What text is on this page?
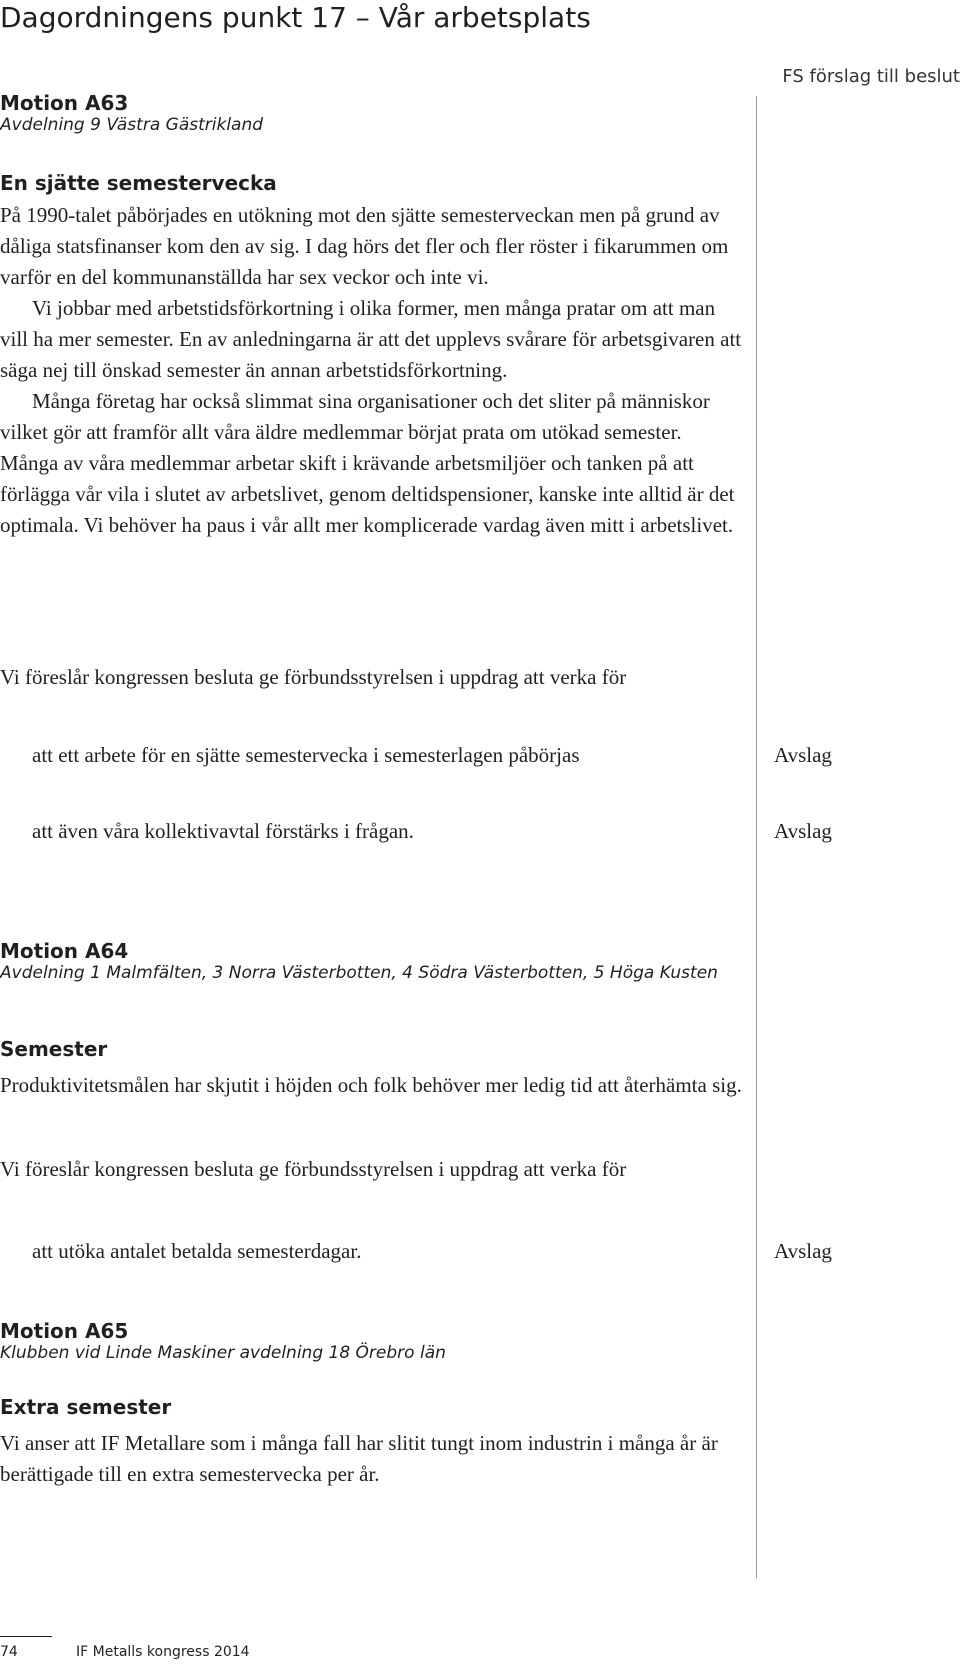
Dagordningens punkt 17 – Vår arbetsplats
FS förslag till beslut
Motion A63
Avdelning 9 Västra Gästrikland
En sjätte semestervecka

På 1990-talet påbörjades en utökning mot den sjätte semesterveckan men på grund av dåliga statsfinanser kom den av sig. I dag hörs det fler och fler röster i fikarummen om varför en del kommunanställda har sex veckor och inte vi.

Vi jobbar med arbetstidsförkortning i olika former, men många pratar om att man vill ha mer semester. En av anledningarna är att det upplevs svårare för arbetsgivaren att säga nej till önskad semester än annan arbetstidsförkortning.

Många företag har också slimmat sina organisationer och det sliter på människor vilket gör att framför allt våra äldre medlemmar börjat prata om utökad semester. Många av våra medlemmar arbetar skift i krävande arbetsmiljöer och tanken på att förlägga vår vila i slutet av arbetslivet, genom deltidspensioner, kanske inte alltid är det optimala. Vi behöver ha paus i vår allt mer komplicerade vardag även mitt i arbetslivet.

Vi föreslår kongressen besluta ge förbundsstyrelsen i uppdrag att verka för
att ett arbete för en sjätte semestervecka i semesterlagen påbörjas	Avslag
att även våra kollektivavtal förstärks i frågan.	Avslag
Motion A64
Avdelning 1 Malmfälten, 3 Norra Västerbotten, 4 Södra Västerbotten, 5 Höga Kusten
Semester

Produktivitetsmålen har skjutit i höjden och folk behöver mer ledig tid att återhämta sig.

Vi föreslår kongressen besluta ge förbundsstyrelsen i uppdrag att verka för
att utöka antalet betalda semesterdagar.	Avslag
Motion A65
Klubben vid Linde Maskiner avdelning 18 Örebro län
Extra semester

Vi anser att IF Metallare som i många fall har slitit tungt inom industrin i många år är berättigade till en extra semestervecka per år.

74	IF Metalls kongress 2014
